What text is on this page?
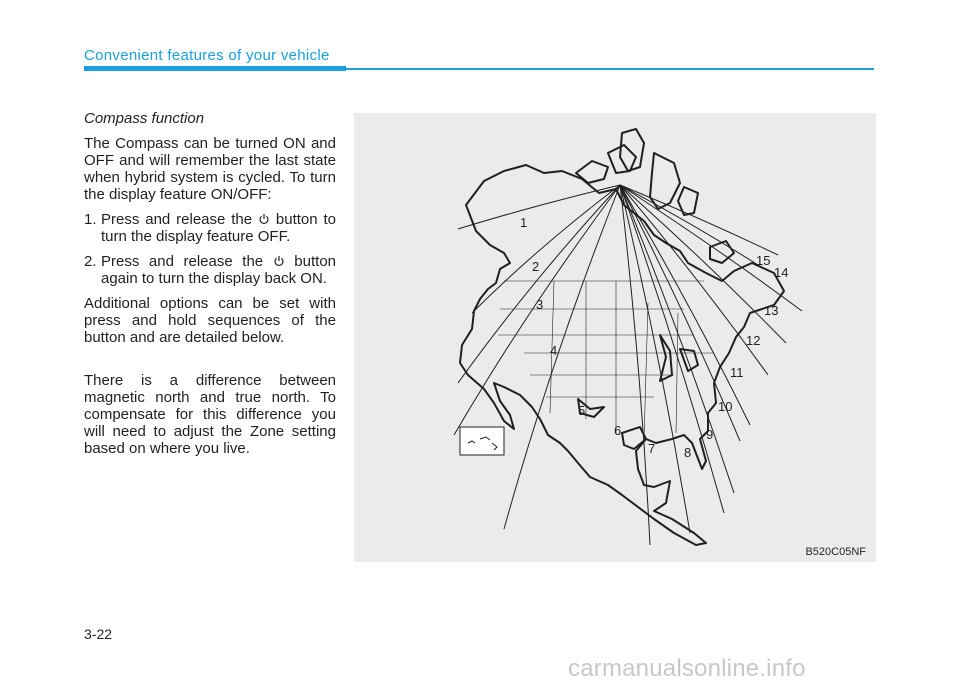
Convenient features of your vehicle
Compass function

The Compass can be turned ON and OFF and will remember the last state when hybrid system is cycled. To turn the display feature ON/OFF:

1. Press and release the button to turn the display feature OFF.
2. Press and release the button again to turn the display back ON.

Additional options can be set with press and hold sequences of the button and are detailed below.

There is a difference between magnetic north and true north. To compensate for this difference you will need to adjust the Zone setting based on where you live.

1
2
3
4
5
6
7 8
9
10
11
12
13
14
15
B520C05NF
3-22
carmanualsonline.info
